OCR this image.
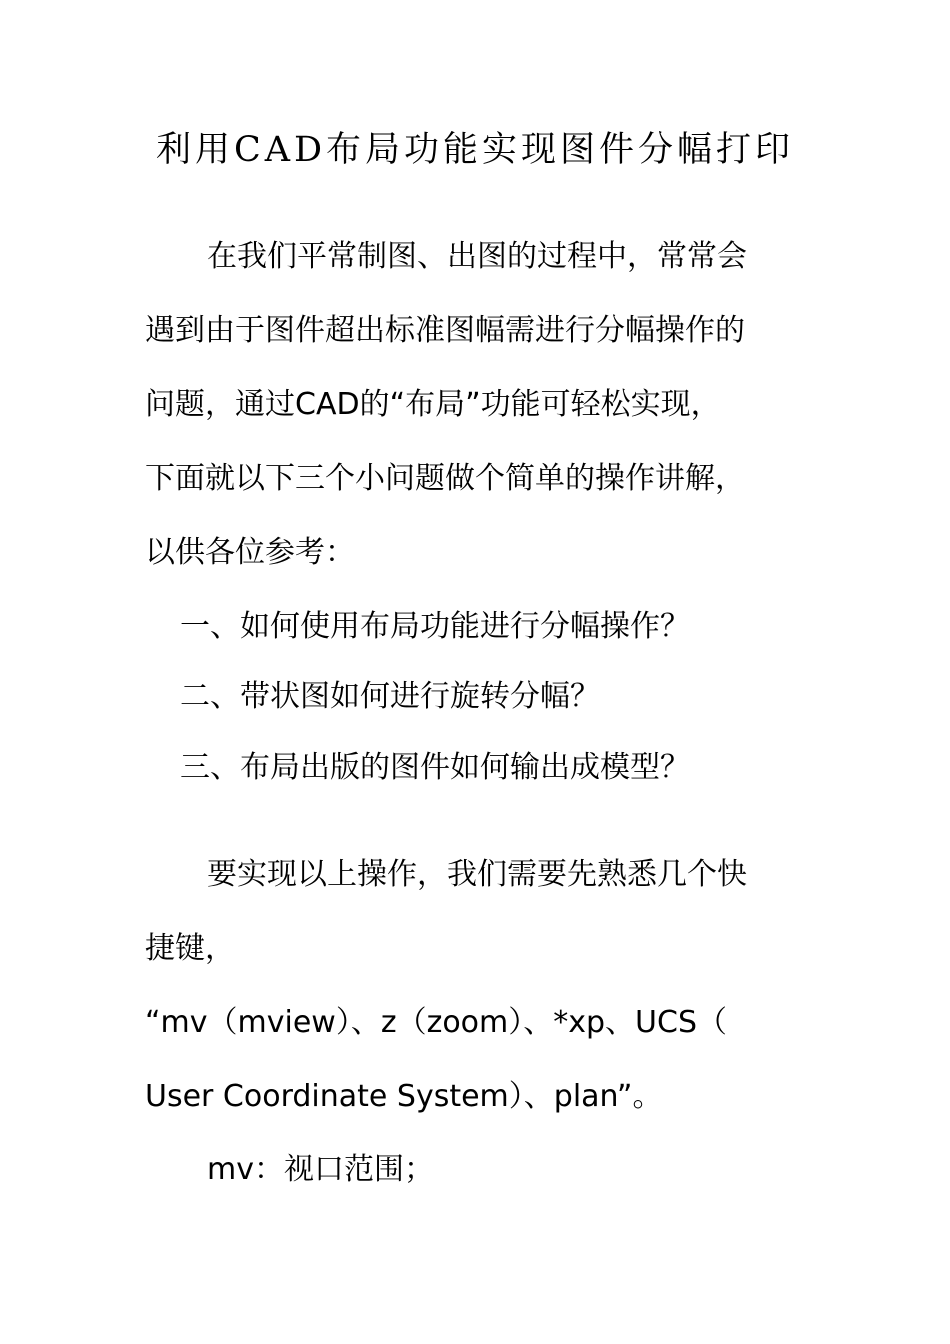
利用CAD布局功能实现图件分幅打印
在我们平常制图、出图的过程中，常常会
遇到由于图件超出标准图幅需进行分幅操作的
问题，通过CAD的“布局”功能可轻松实现，
下面就以下三个小问题做个简单的操作讲解，
以供各位参考：
一、如何使用布局功能进行分幅操作？
二、带状图如何进行旋转分幅？
三、布局出版的图件如何输出成模型？
要实现以上操作，我们需要先熟悉几个快
捷键，
“mv（mview）、z（zoom）、*xp、UCS（
User Coordinate System）、plan”。
mv：视口范围；
